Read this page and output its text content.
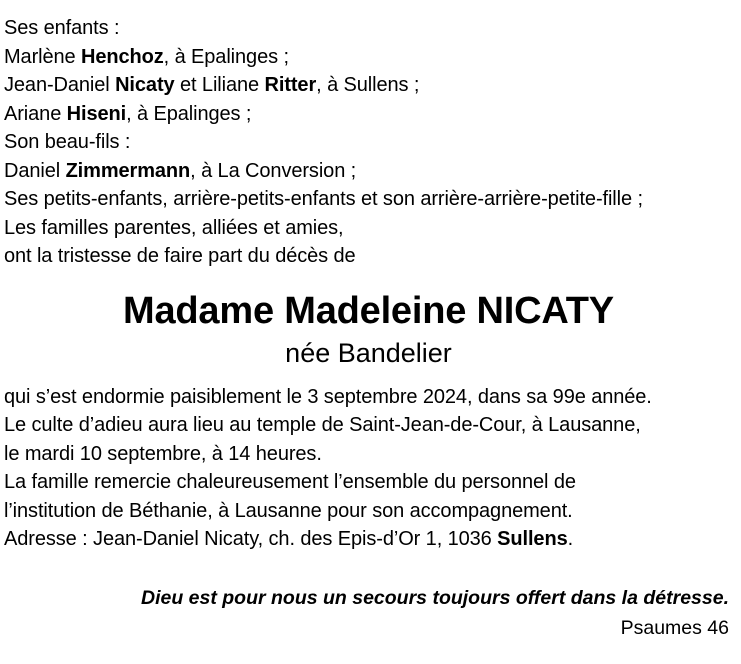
Ses enfants :
Marlène Henchoz, à Epalinges ;
Jean-Daniel Nicaty et Liliane Ritter, à Sullens ;
Ariane Hiseni, à Epalinges ;
Son beau-fils :
Daniel Zimmermann, à La Conversion ;
Ses petits-enfants, arrière-petits-enfants et son arrière-arrière-petite-fille ;
Les familles parentes, alliées et amies,
ont la tristesse de faire part du décès de
Madame Madeleine NICATY
née Bandelier
qui s’est endormie paisiblement le 3 septembre 2024, dans sa 99e année.
Le culte d’adieu aura lieu au temple de Saint-Jean-de-Cour, à Lausanne,
le mardi 10 septembre, à 14 heures.
La famille remercie chaleureusement l’ensemble du personnel de
l’institution de Béthanie, à Lausanne pour son accompagnement.
Adresse : Jean-Daniel Nicaty, ch. des Epis-d’Or 1, 1036 Sullens.
Dieu est pour nous un secours toujours offert dans la détresse.
Psaumes 46
